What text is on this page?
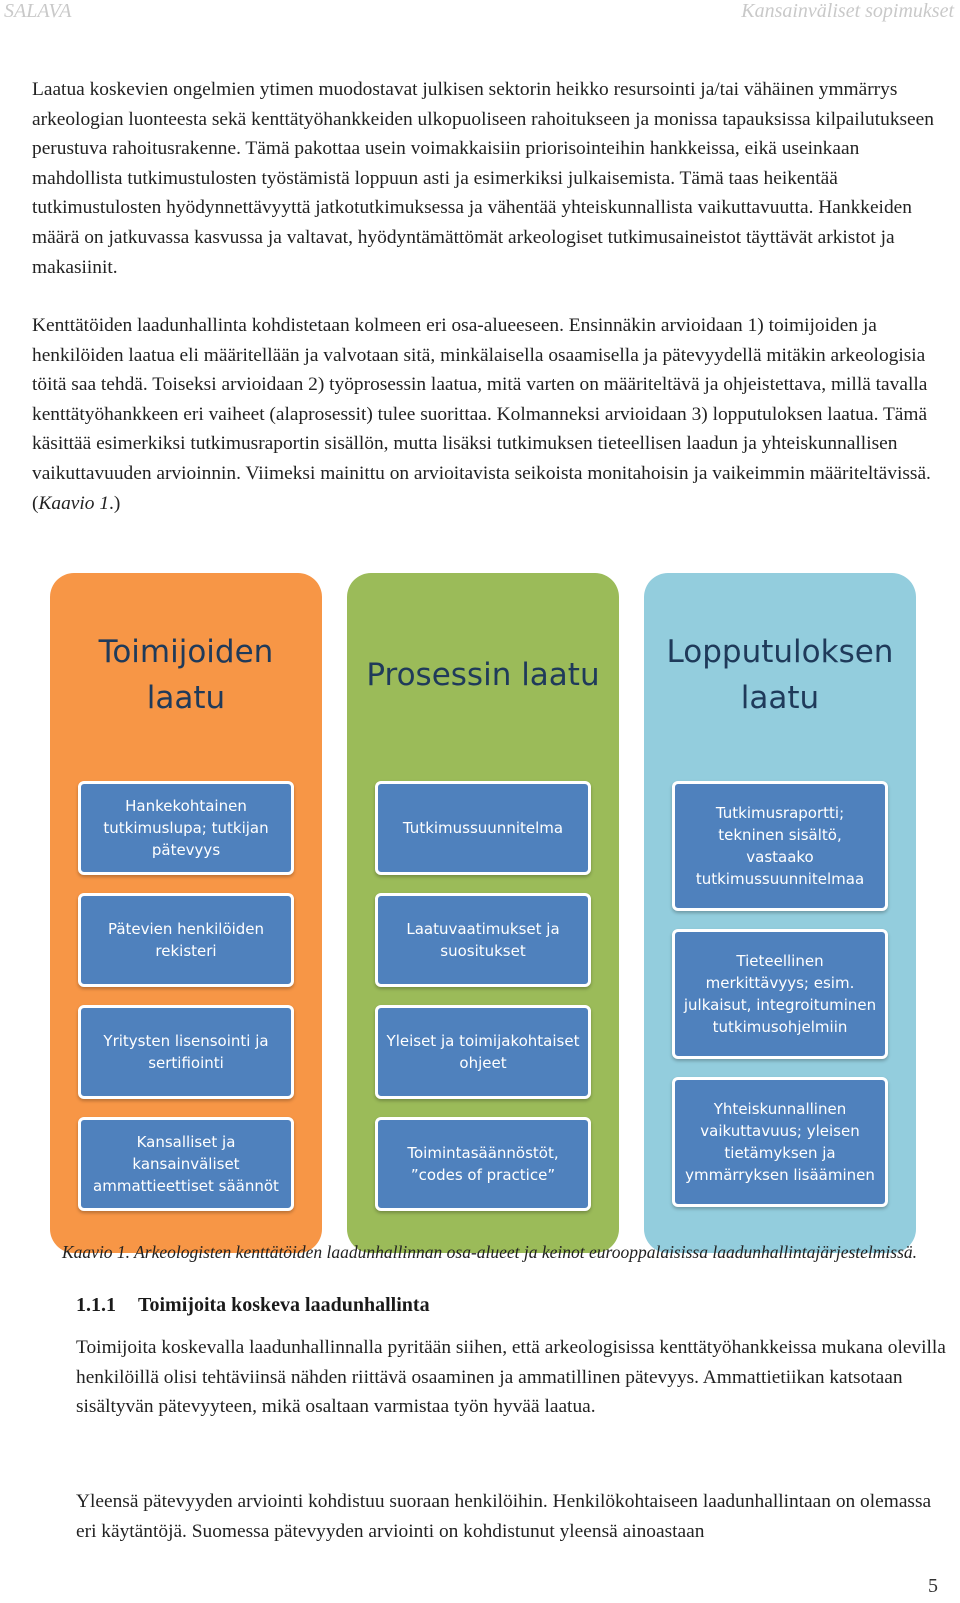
SALAVA	Kansainväliset sopimukset

Laatua koskevien ongelmien ytimen muodostavat julkisen sektorin heikko resursointi ja/tai vähäinen ymmärrys arkeologian luonteesta sekä kenttätyöhankkeiden ulkopuoliseen rahoitukseen ja monissa tapauksissa kilpailutukseen perustuva rahoitusrakenne. Tämä pakottaa usein voimakkaisiin priorisointeihin hankkeissa, eikä useinkaan mahdollista tutkimustulosten työstämistä loppuun asti ja esimerkiksi julkaisemista. Tämä taas heikentää tutkimustulosten hyödynnettävyyttä jatkotutkimuksessa ja vähentää yhteiskunnallista vaikuttavuutta. Hankkeiden määrä on jatkuvassa kasvussa ja valtavat, hyödyntämättömät arkeologiset tutkimusaineistot täyttävät arkistot ja makasiinit.

Kenttätöiden laadunhallinta kohdistetaan kolmeen eri osa-alueeseen. Ensinnäkin arvioidaan 1) toimijoiden ja henkilöiden laatua eli määritellään ja valvotaan sitä, minkälaisella osaamisella ja pätevyydellä mitäkin arkeologisia töitä saa tehdä. Toiseksi arvioidaan 2) työprosessin laatua, mitä varten on määriteltävä ja ohjeistettava, millä tavalla kenttätyöhankkeen eri vaiheet (alaprosessit) tulee suorittaa. Kolmanneksi arvioidaan 3) lopputuloksen laatua. Tämä käsittää esimerkiksi tutkimusraportin sisällön, mutta lisäksi tutkimuksen tieteellisen laadun ja yhteiskunnallisen vaikuttavuuden arvioinnin. Viimeksi mainittu on arvioitavista seikoista monitahoisin ja vaikeimmin määriteltävissä. (Kaavio 1.)

Toimijoiden laatu
Hankekohtainen tutkimuslupa; tutkijan pätevyys
Pätevien henkilöiden rekisteri
Yritysten lisensointi ja sertifiointi
Kansalliset ja kansainväliset ammattieettiset säännöt
Prosessin laatu
Tutkimussuunnitelma
Laatuvaatimukset ja suositukset
Yleiset ja toimijakohtaiset ohjeet
Toimintasäännöstöt, ”codes of practice”
Lopputuloksen laatu
Tutkimusraportti; tekninen sisältö, vastaako tutkimussuunnitelmaa
Tieteellinen merkittävyys; esim. julkaisut, integroituminen tutkimusohjelmiin
Yhteiskunnallinen vaikuttavuus; yleisen tietämyksen ja ymmärryksen lisääminen

Kaavio 1. Arkeologisten kenttätöiden laadunhallinnan osa-alueet ja keinot eurooppalaisissa laadunhallintajärjestelmissä.

1.1.1 Toimijoita koskeva laadunhallinta

Toimijoita koskevalla laadunhallinnalla pyritään siihen, että arkeologisissa kenttätyöhankkeissa mukana olevilla henkilöillä olisi tehtäviinsä nähden riittävä osaaminen ja ammatillinen pätevyys. Ammattietiikan katsotaan sisältyvän pätevyyteen, mikä osaltaan varmistaa työn hyvää laatua.

Yleensä pätevyyden arviointi kohdistuu suoraan henkilöihin. Henkilökohtaiseen laadunhallintaan on olemassa eri käytäntöjä. Suomessa pätevyyden arviointi on kohdistunut yleensä ainoastaan

5
